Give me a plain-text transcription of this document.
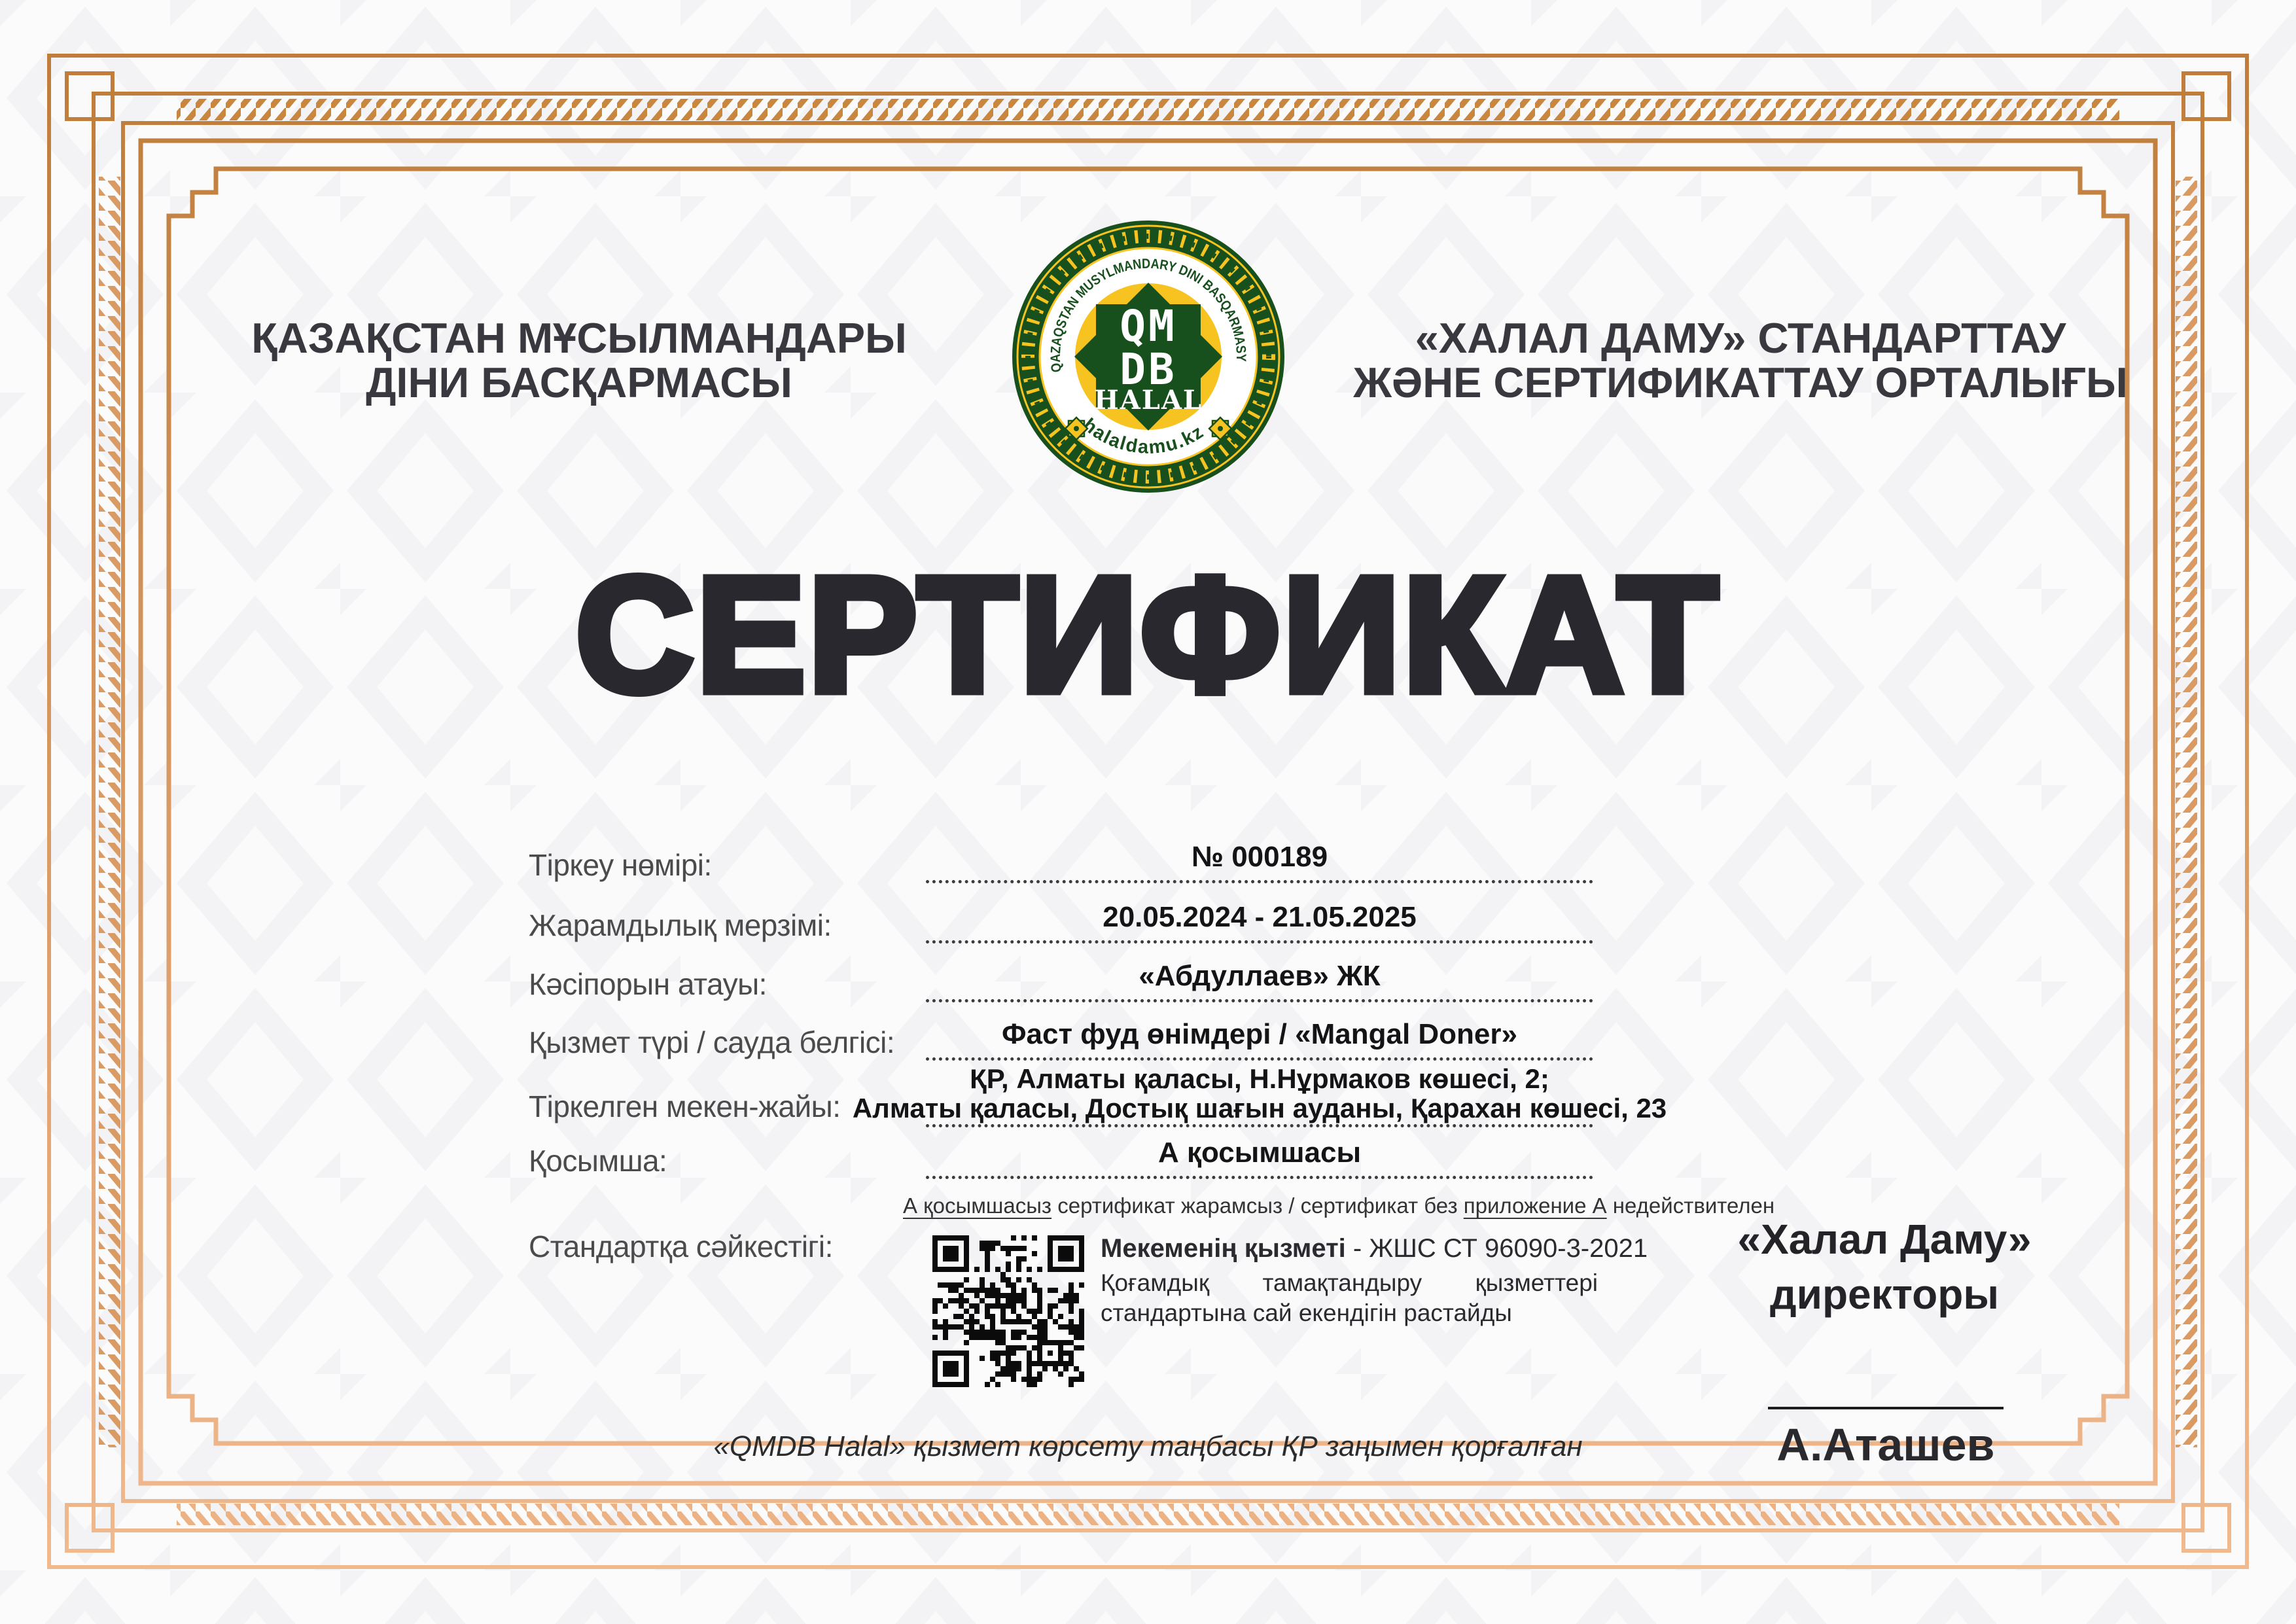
ҚАЗАҚСТАН МҰСЫЛМАНДАРЫ
ДІНИ БАСҚАРМАСЫ
«ХАЛАЛ ДАМУ» СТАНДАРТТАУ
ЖӘНЕ СЕРТИФИКАТТАУ ОРТАЛЫҒЫ
QAZAQSTAN MUSYLMANDARY DINI BASQARMASY
halaldamu.kz
QM
DB
HALAL
СЕРТИФИКАТ
Тіркеу нөмірі:	№ 000189
Жарамдылық мерзімі:	20.05.2024 - 21.05.2025
Кәсіпорын атауы:	«Абдуллаев» ЖК
Қызмет түрі / сауда белгісі:	Фаст фуд өнімдері / «Mangal Doner»
Тіркелген мекен-жайы:
ҚР, Алматы қаласы, Н.Нұрмаков көшесі, 2;
Алматы қаласы, Достық шағын ауданы, Қарахан көшесі, 23
Қосымша:	А қосымшасы
А қосымшасыз сертификат жарамсыз / сертификат без приложение А недействителен
Стандартқа сәйкестігі:	Мекеменің қызметі - ЖШС СТ 96090-3-2021
Қоғамдық тамақтандыру қызметтері стандартына сай екендігін растайды
«Халал Даму»
директоры
А.Аташев
«QMDB Halal» қызмет көрсету таңбасы ҚР заңымен қорғалған
